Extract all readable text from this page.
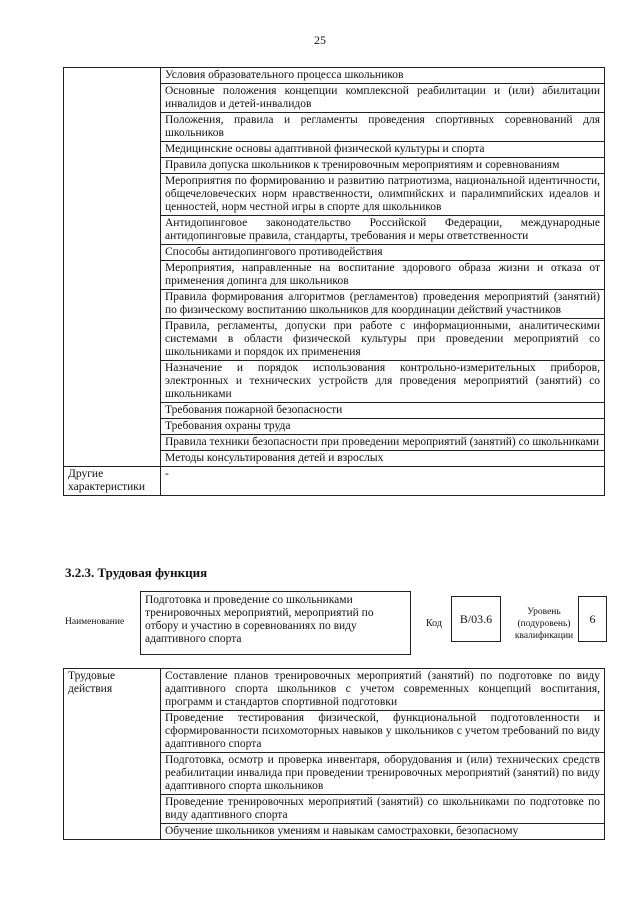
25
	Условия образовательного процесса школьников
	Основные положения концепции комплексной реабилитации и (или) абилитации инвалидов и детей-инвалидов
	Положения, правила и регламенты проведения спортивных соревнований для школьников
	Медицинские основы адаптивной физической культуры и спорта
	Правила допуска школьников к тренировочным мероприятиям и соревнованиям
	Мероприятия по формированию и развитию патриотизма, национальной идентичности, общечеловеческих норм нравственности, олимпийских и паралимпийских идеалов и ценностей, норм честной игры в спорте для школьников
	Антидопинговое законодательство Российской Федерации, международные антидопинговые правила, стандарты, требования и меры ответственности
	Способы антидопингового противодействия
	Мероприятия, направленные на воспитание здорового образа жизни и отказа от применения допинга для школьников
	Правила формирования алгоритмов (регламентов) проведения мероприятий (занятий) по физическому воспитанию школьников для координации действий участников
	Правила, регламенты, допуски при работе с информационными, аналитическими системами в области физической культуры при проведении мероприятий со школьниками и порядок их применения
	Назначение и порядок использования контрольно-измерительных приборов, электронных и технических устройств для проведения мероприятий (занятий) со школьниками
	Требования пожарной безопасности
	Требования охраны труда
	Правила техники безопасности при проведении мероприятий (занятий) со школьниками
	Методы консультирования детей и взрослых
Другие характеристики	-
3.2.3. Трудовая функция
Наименование
Подготовка и проведение со школьниками тренировочных мероприятий, мероприятий по отбору и участию в соревнованиях по виду адаптивного спорта
Код	B/03.6	Уровень (подуровень) квалификации
6
Трудовые действия	Составление планов тренировочных мероприятий (занятий) по подготовке по виду адаптивного спорта школьников с учетом современных концепций воспитания, программ и стандартов спортивной подготовки
Проведение тестирования физической, функциональной подготовленности и сформированности психомоторных навыков у школьников с учетом требований по виду адаптивного спорта
Подготовка, осмотр и проверка инвентаря, оборудования и (или) технических средств реабилитации инвалида при проведении тренировочных мероприятий (занятий) по виду адаптивного спорта школьников
Проведение тренировочных мероприятий (занятий) со школьниками по подготовке по виду адаптивного спорта
Обучение школьников умениям и навыкам самостраховки, безопасному
